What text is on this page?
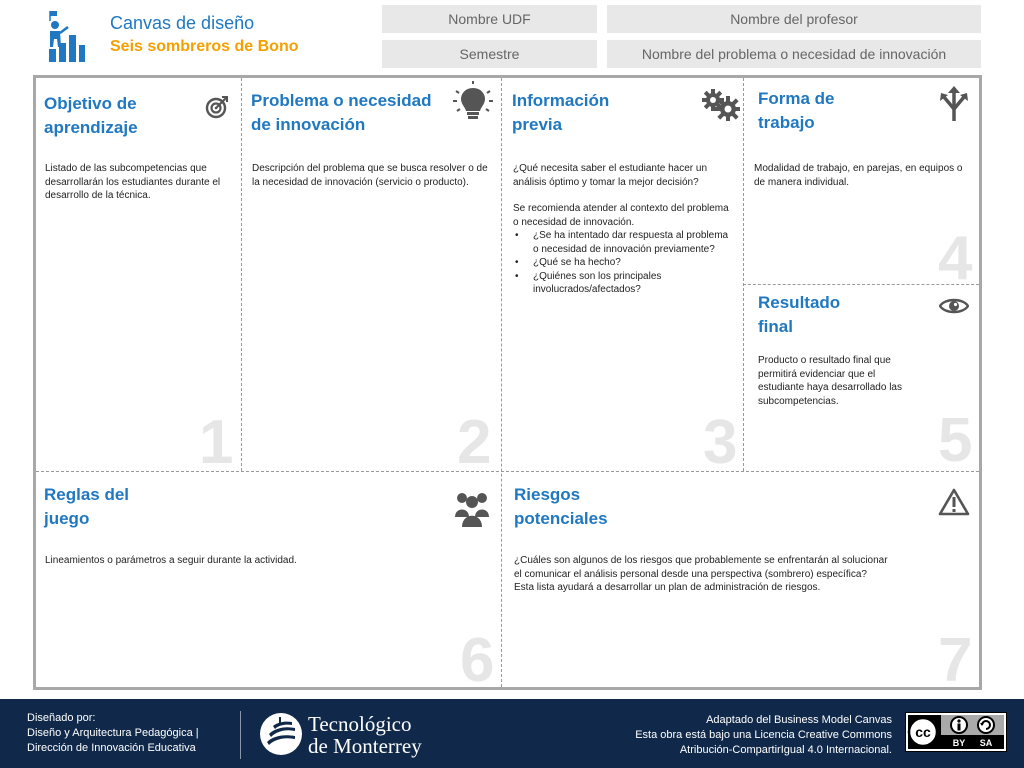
Canvas de diseño
Seis sombreros de Bono
Nombre UDF	Nombre del profesor
Semestre	Nombre del problema o necesidad de innovación
Objetivo de
aprendizaje
Listado de las subcompetencias que desarrollarán los estudiantes durante el desarrollo de la técnica.
1
Problema o necesidad
de innovación
Descripción del problema que se busca resolver o de la necesidad de innovación (servicio o producto).
2
Información
previa
¿Qué necesita saber el estudiante hacer un análisis óptimo y tomar la mejor decisión?
Se recomienda atender al contexto del problema o necesidad de innovación.
• ¿Se ha intentado dar respuesta al problema o necesidad de innovación previamente?
• ¿Qué se ha hecho?
• ¿Quiénes son los principales involucrados/afectados?
3
Forma de
trabajo
Modalidad de trabajo, en parejas, en equipos o de manera individual.
4
Resultado
final
Producto o resultado final que permitirá evidenciar que el estudiante haya desarrollado las subcompetencias.
5
Reglas del
juego
Lineamientos o parámetros a seguir durante la actividad.
6
Riesgos
potenciales
¿Cuáles son algunos de los riesgos que probablemente se enfrentarán al solucionar el comunicar el análisis personal desde una perspectiva (sombrero) específica?
Esta lista ayudará a desarrollar un plan de administración de riesgos.
7
Diseñado por:
Diseño y Arquitectura Pedagógica |
Dirección de Innovación Educativa
Tecnológico
de Monterrey
Adaptado del Business Model Canvas
Esta obra está bajo una Licencia Creative Commons
Atribución-CompartirIgual 4.0 Internacional.
cc
BY SA
